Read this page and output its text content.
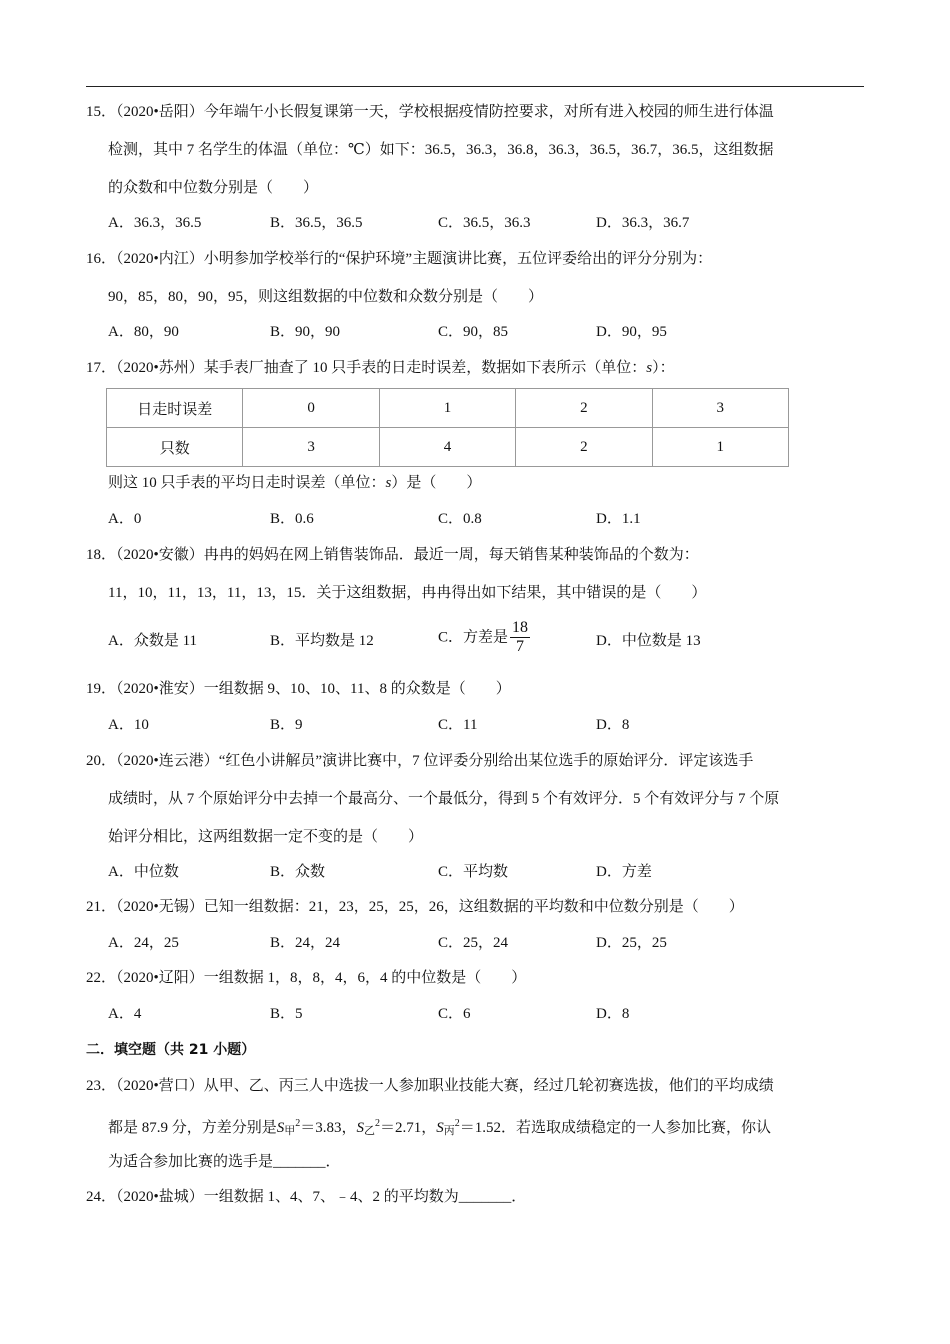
15．（2020•岳阳）今年端午小长假复课第一天，学校根据疫情防控要求，对所有进入校园的师生进行体温
检测，其中 7 名学生的体温（单位：℃）如下：36.5，36.3，36.8，36.3，36.5，36.7，36.5，这组数据
的众数和中位数分别是（　　）
A．36.3，36.5	B．36.5，36.5	C．36.5，36.3	D．36.3，36.7
16．（2020•内江）小明参加学校举行的“保护环境”主题演讲比赛，五位评委给出的评分分别为：
90，85，80，90，95，则这组数据的中位数和众数分别是（　　）
A．80，90	B．90，90	C．90，85	D．90，95
17．（2020•苏州）某手表厂抽查了 10 只手表的日走时误差，数据如下表所示（单位：s）：
日走时误差	0	1	2	3
只数	3	4	2	1
则这 10 只手表的平均日走时误差（单位：s）是（　　）
A．0	B．0.6	C．0.8	D．1.1
18．（2020•安徽）冉冉的妈妈在网上销售装饰品．最近一周，每天销售某种装饰品的个数为：
11，10，11，13，11，13，15．关于这组数据，冉冉得出如下结果，其中错误的是（　　）
A．众数是 11	B．平均数是 12	C．方差是 $\frac{18}{7}$	D．中位数是 13
19．（2020•淮安）一组数据 9、10、10、11、8 的众数是（　　）
A．10	B．9	C．11	D．8
20．（2020•连云港）“红色小讲解员”演讲比赛中，7 位评委分别给出某位选手的原始评分．评定该选手
成绩时，从 7 个原始评分中去掉一个最高分、一个最低分，得到 5 个有效评分．5 个有效评分与 7 个原
始评分相比，这两组数据一定不变的是（　　）
A．中位数	B．众数	C．平均数	D．方差
21．（2020•无锡）已知一组数据：21，23，25，25，26，这组数据的平均数和中位数分别是（　　）
A．24，25	B．24，24	C．25，24	D．25，25
22．（2020•辽阳）一组数据 1，8，8，4，6，4 的中位数是（　　）
A．4	B．5	C．6	D．8
二．填空题（共 21 小题）
23．（2020•营口）从甲、乙、丙三人中选拔一人参加职业技能大赛，经过几轮初赛选拔，他们的平均成绩
都是 87.9 分，方差分别是S甲$^2$＝3.83，S乙$^2$＝2.71，S丙$^2$＝1.52．若选取成绩稳定的一人参加比赛，你认
为适合参加比赛的选手是_______．
24．（2020•盐城）一组数据 1、4、7、﹣4、2 的平均数为_______．
